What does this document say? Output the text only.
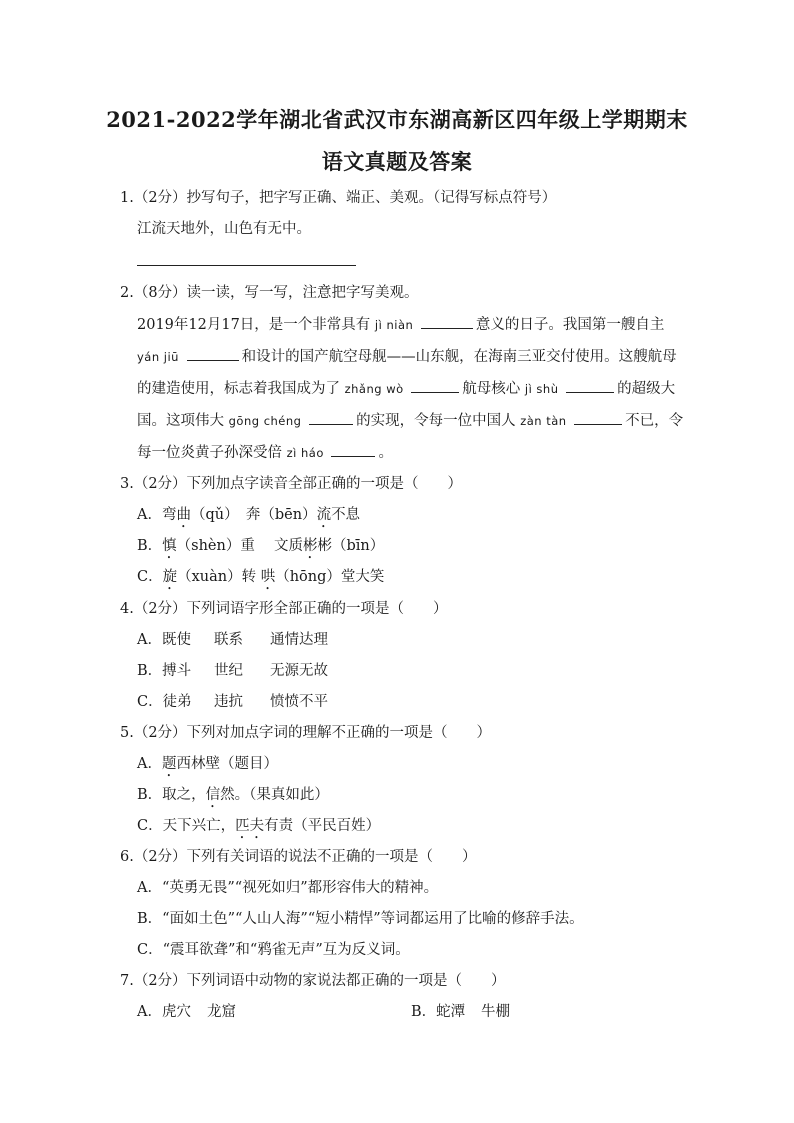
2021-2022学年湖北省武汉市东湖高新区四年级上学期期末
语文真题及答案
1.（2分）抄写句子，把字写正确、端正、美观。（记得写标点符号）
江流天地外，山色有无中。
2.（8分）读一读，写一写，注意把字写美观。
2019年12月17日，是一个非常具有 jì niàn	意义的日子。我国第一艘自主
yán jiū	和设计的国产航空母舰——山东舰，在海南三亚交付使用。这艘航母
的建造使用，标志着我国成为了 zhǎng wò	航母核心 jì shù	的超级大
国。这项伟大 gōng chéng	的实现，令每一位中国人 zàn tàn	不已，令
每一位炎黄子孙深受倍 zì háo	。
3.（2分）下列加点字读音全部正确的一项是（　　）
A．弯曲（qǔ）　奔（bēn）流不息
B．慎（shèn）重　 文质彬彬（bīn）
C．旋（xuàn）转 哄（hōng）堂大笑
4.（2分）下列词语字形全部正确的一项是（　　）
A．既使 联系 通情达理
B．搏斗 世纪 无源无故
C．徒弟 违抗 愤愤不平
5.（2分）下列对加点字词的理解不正确的一项是（　　）
A．题西林壁（题目）
B．取之，信然。（果真如此）
C．天下兴亡，匹夫有责（平民百姓）
6.（2分）下列有关词语的说法不正确的一项是（　　）
A．“英勇无畏”“视死如归”都形容伟大的精神。
B．“面如土色”“人山人海”“短小精悍”等词都运用了比喻的修辞手法。
C．“震耳欲聋”和“鸦雀无声”互为反义词。
7.（2分）下列词语中动物的家说法都正确的一项是（　　）
A．虎穴 龙窟	B．蛇潭 牛棚
